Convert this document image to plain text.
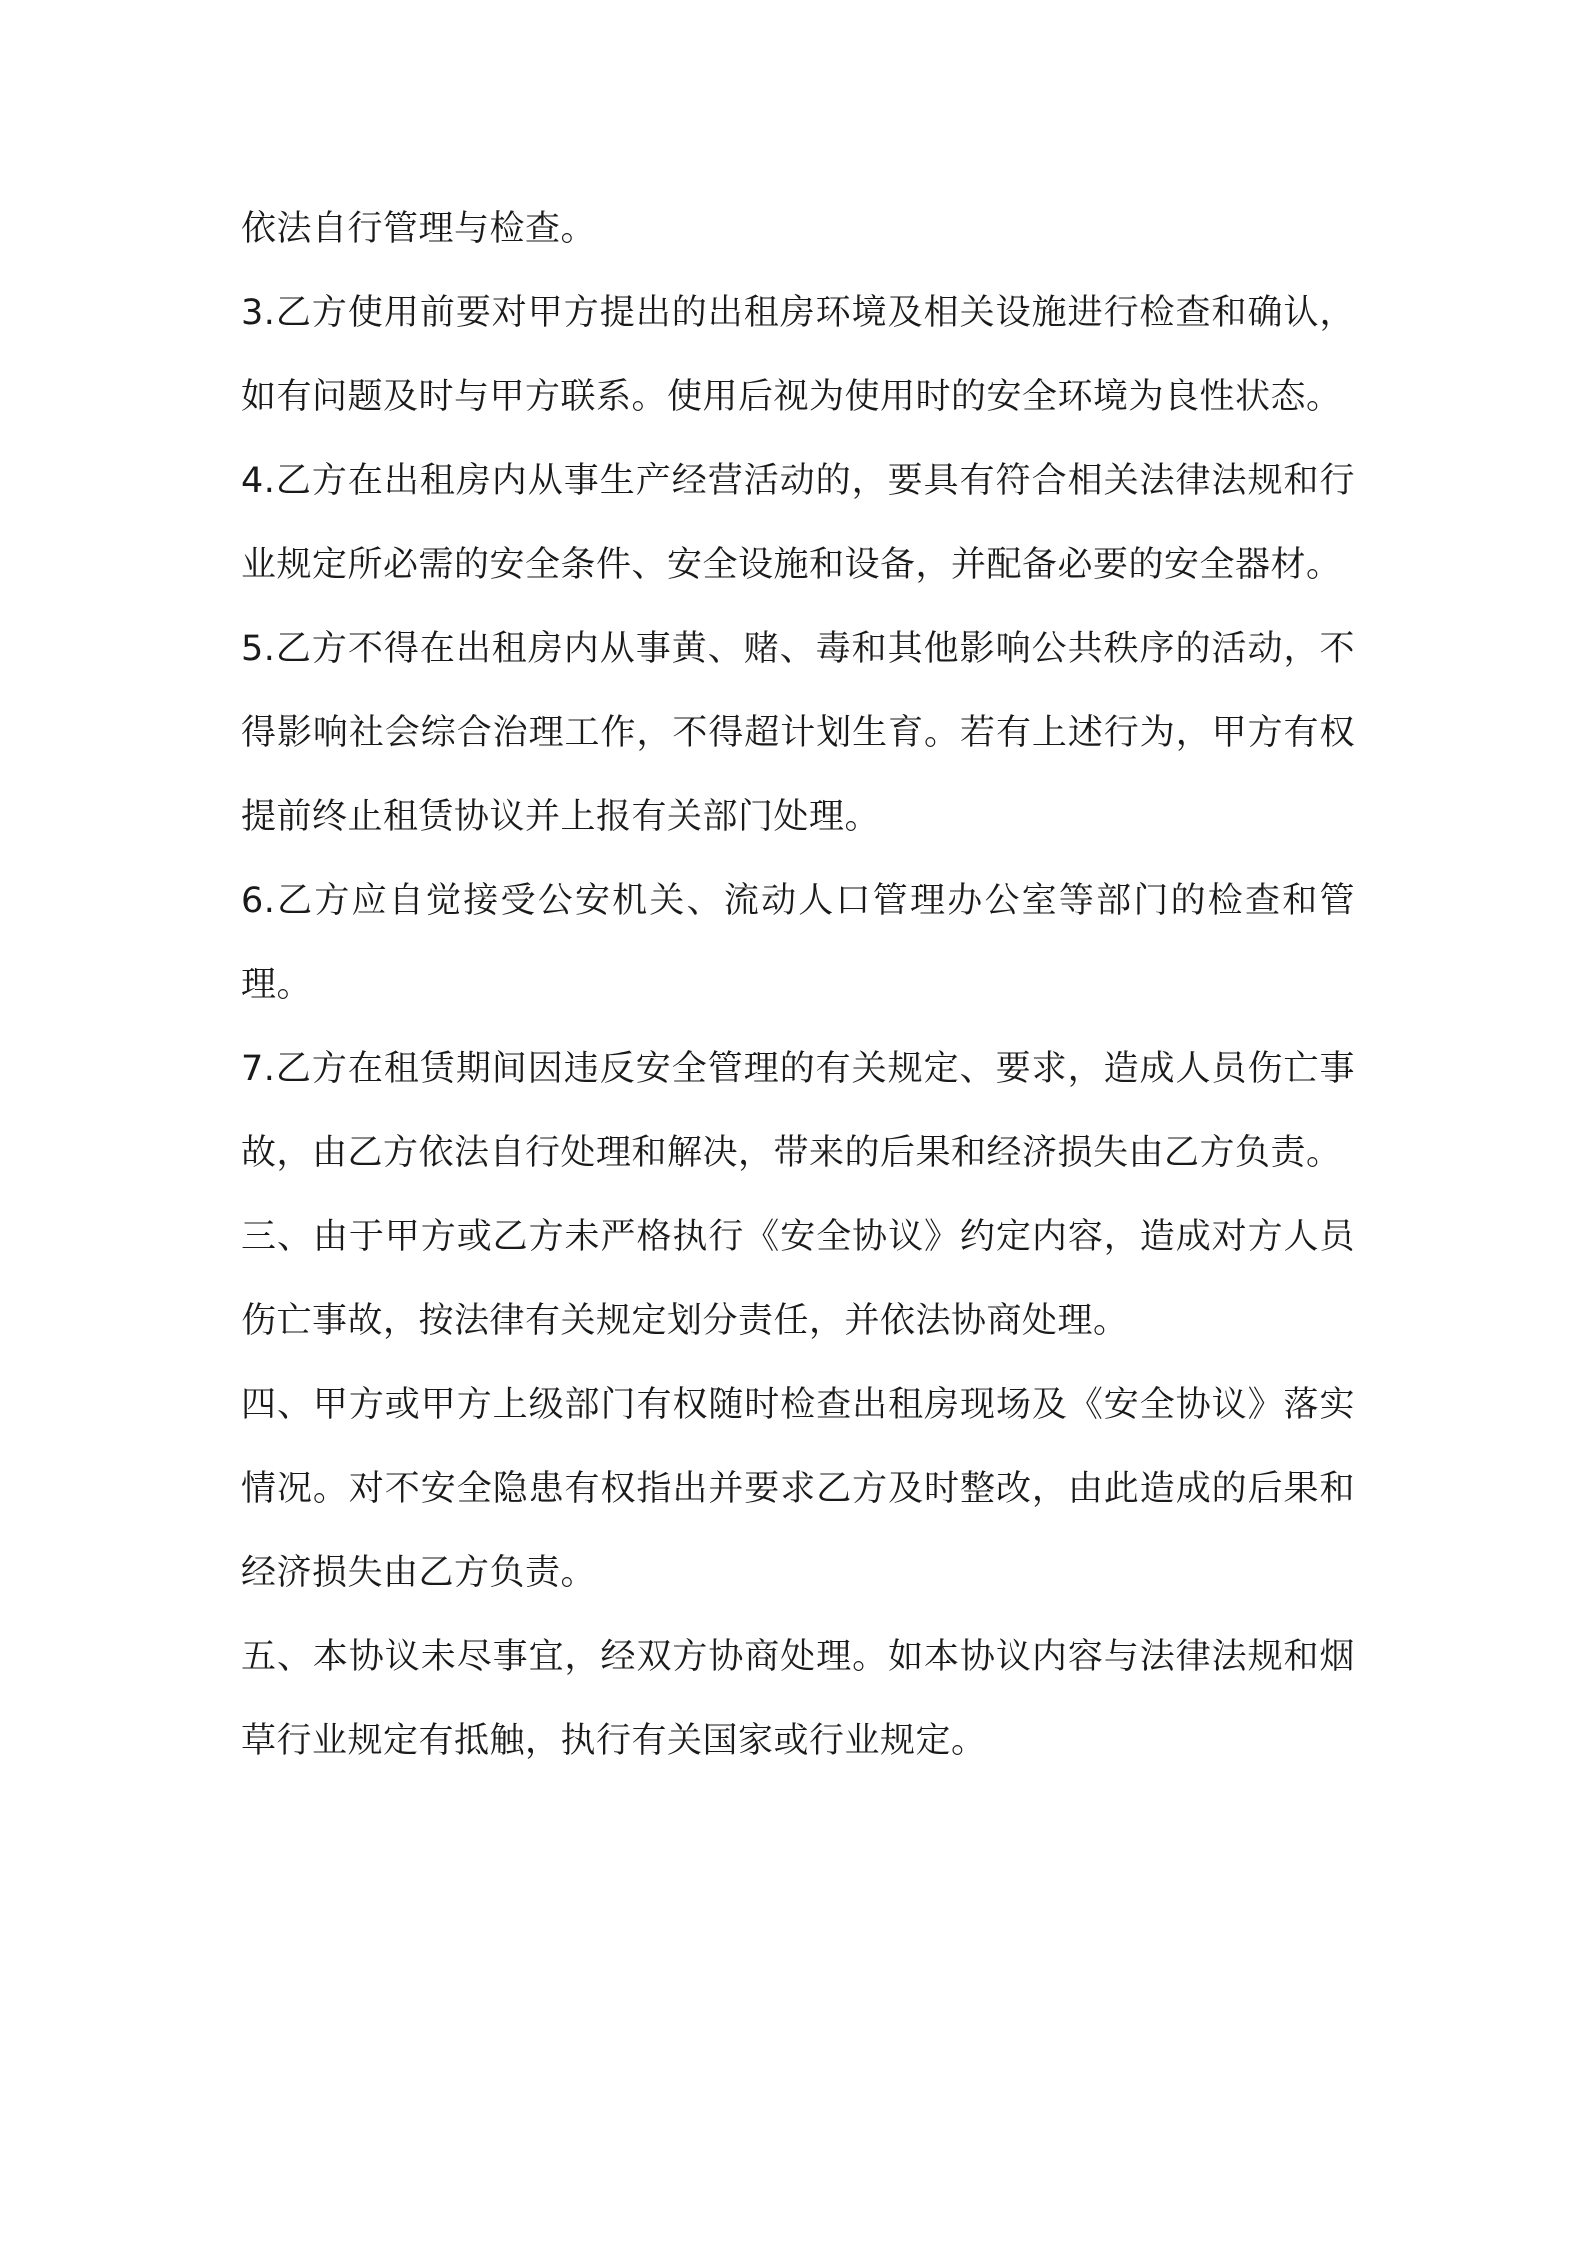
依法自行管理与检查。

3.乙方使用前要对甲方提出的出租房环境及相关设施进行检查和确认，如有问题及时与甲方联系。使用后视为使用时的安全环境为良性状态。

4.乙方在出租房内从事生产经营活动的，要具有符合相关法律法规和行业规定所必需的安全条件、安全设施和设备，并配备必要的安全器材。

5.乙方不得在出租房内从事黄、赌、毒和其他影响公共秩序的活动，不得影响社会综合治理工作，不得超计划生育。若有上述行为，甲方有权提前终止租赁协议并上报有关部门处理。

6.乙方应自觉接受公安机关、流动人口管理办公室等部门的检查和管理。

7.乙方在租赁期间因违反安全管理的有关规定、要求，造成人员伤亡事故，由乙方依法自行处理和解决，带来的后果和经济损失由乙方负责。

三、由于甲方或乙方未严格执行《安全协议》约定内容，造成对方人员伤亡事故，按法律有关规定划分责任，并依法协商处理。

四、甲方或甲方上级部门有权随时检查出租房现场及《安全协议》落实情况。对不安全隐患有权指出并要求乙方及时整改，由此造成的后果和经济损失由乙方负责。

五、本协议未尽事宜，经双方协商处理。如本协议内容与法律法规和烟草行业规定有抵触，执行有关国家或行业规定。
